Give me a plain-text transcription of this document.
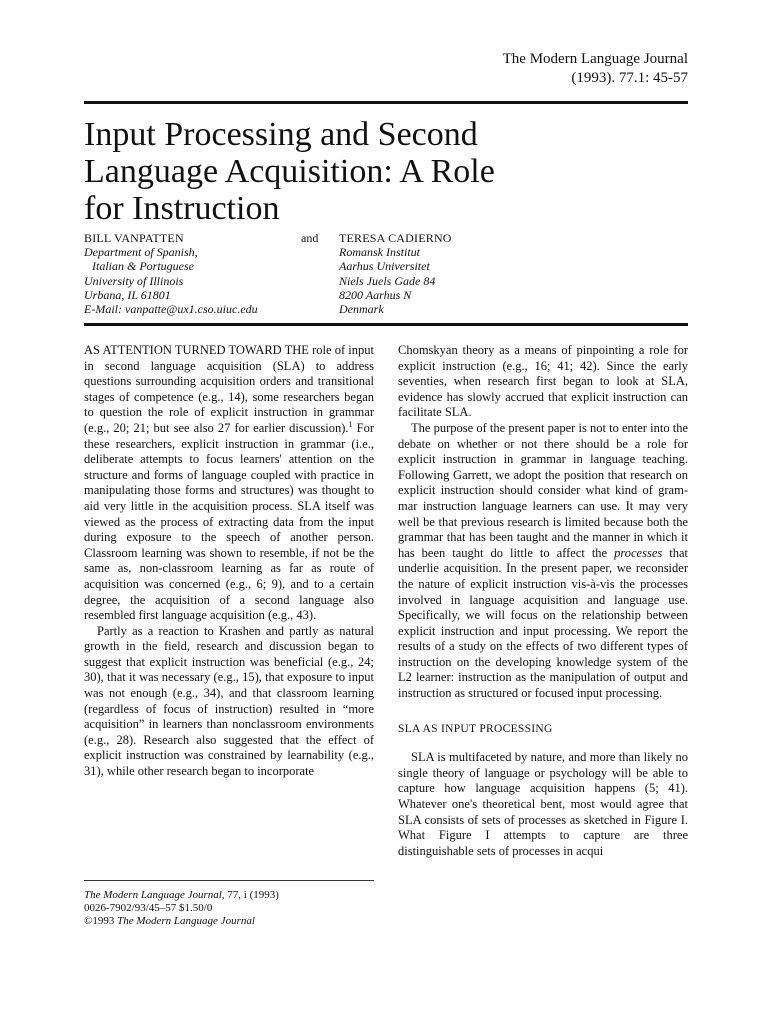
The Modern Language Journal
(1993). 77.1: 45-57
Input Processing and Second
Language Acquisition: A Role
for Instruction
BILL VANPATTEN
Department of Spanish,
Italian & Portuguese
University of Illinois
Urbana, IL 61801
E-Mail: vanpatte@ux1.cso.uiuc.edu
and TERESA CADIERNO
Romansk Institut
Aarhus Universitet
Niels Juels Gade 84
8200 Aarhus N
Denmark

AS ATTENTION TURNED TOWARD THE role of input in second language acquisition (SLA) to address questions surrounding acquisition orders and transitional stages of competence (e.g., 14), some researchers began to question the role of explicit instruction in grammar (e.g., 20; 21; but see also 27 for earlier discussion).$^1$ For these researchers, explicit instruction in grammar (i.e., deliberate attempts to focus learners' attention on the structure and forms of language coupled with practice in manipulating those forms and structures) was thought to aid very little in the acquisition process. SLA itself was viewed as the process of extracting data from the input during exposure to the speech of another person. Classroom learning was shown to resemble, if not be the same as, non-classroom learning as far as route of acquisition was concerned (e.g., 6; 9), and to a certain degree, the acquisition of a second language also resembled first language acquisition (e.g., 43).

Partly as a reaction to Krashen and partly as natural growth in the field, research and discussion began to suggest that explicit instruction was beneficial (e.g., 24; 30), that it was necessary (e.g., 15), that exposure to input was not enough (e.g., 34), and that classroom learning (regardless of focus of instruction) resulted in “more acquisition” in learners than nonclassroom environments (e.g., 28). Research also suggested that the effect of explicit instruction was constrained by learnability (e.g., 31), while other research began to incorporate

Chomskyan theory as a means of pinpointing a role for explicit instruction (e.g., 16; 41; 42). Since the early seventies, when research first began to look at SLA, evidence has slowly accrued that explicit instruction can facilitate SLA.

The purpose of the present paper is not to enter into the debate on whether or not there should be a role for explicit instruction in grammar in language teaching. Following Garrett, we adopt the position that research on explicit instruction should consider what kind of grammar instruction language learners can use. It may very well be that previous research is limited because both the grammar that has been taught and the manner in which it has been taught do little to affect the processes that underlie acquisition. In the present paper, we reconsider the nature of explicit instruction vis-à-vis the processes involved in language acquisition and language use. Specifically, we will focus on the relationship between explicit instruction and input processing. We report the results of a study on the effects of two different types of instruction on the developing knowledge system of the L2 learner: instruction as the manipulation of output and instruction as structured or focused input processing.

SLA AS INPUT PROCESSING

SLA is multifaceted by nature, and more than likely no single theory of language or psychology will be able to capture how language acquisition happens (5; 41). Whatever one's theoretical bent, most would agree that SLA consists of sets of processes as sketched in Figure I. What Figure I attempts to capture are three distinguishable sets of processes in acqui

The Modern Language Journal, 77, i (1993)
0026-7902/93/45–57 $1.50/0
©1993 The Modern Language Journal
